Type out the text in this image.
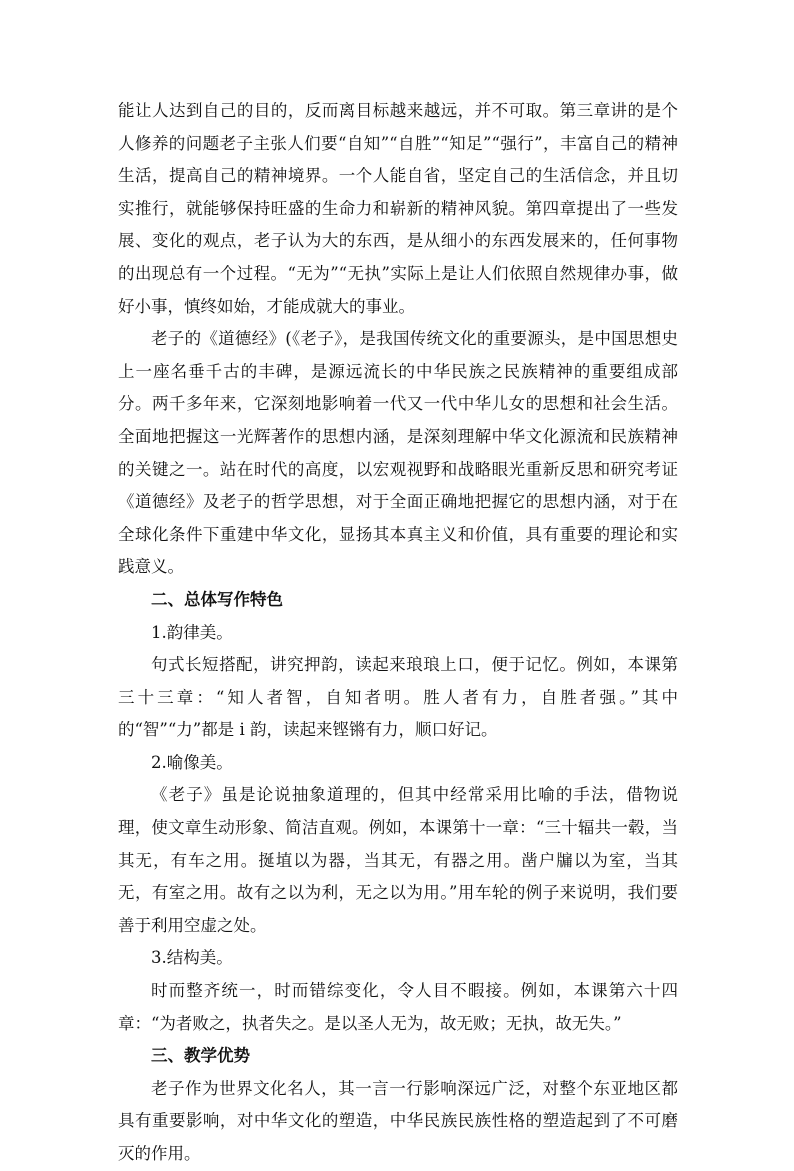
能让人达到自己的目的，反而离目标越来越远，并不可取。第三章讲的是个人修养的问题老子主张人们要“自知”“自胜”“知足”“强行”，丰富自己的精神生活，提高自己的精神境界。一个人能自省，坚定自己的生活信念，并且切实推行，就能够保持旺盛的生命力和崭新的精神风貌。第四章提出了一些发展、变化的观点，老子认为大的东西，是从细小的东西发展来的，任何事物的出现总有一个过程。“无为”“无执”实际上是让人们依照自然规律办事，做好小事，慎终如始，才能成就大的事业。

老子的《道德经》(《老子》，是我国传统文化的重要源头，是中国思想史上一座名垂千古的丰碑，是源远流长的中华民族之民族精神的重要组成部分。两千多年来，它深刻地影响着一代又一代中华儿女的思想和社会生活。全面地把握这一光辉著作的思想内涵，是深刻理解中华文化源流和民族精神的关键之一。站在时代的高度，以宏观视野和战略眼光重新反思和研究考证《道德经》及老子的哲学思想，对于全面正确地把握它的思想内涵，对于在全球化条件下重建中华文化，显扬其本真主义和价值，具有重要的理论和实践意义。

二、总体写作特色

1.韵律美。

句式长短搭配，讲究押韵，读起来琅琅上口，便于记忆。例如，本课第三十三章：“知人者智，自知者明。胜人者有力，自胜者强。”其中的“智”“力”都是 i 韵，读起来铿锵有力，顺口好记。

2.喻像美。

《老子》虽是论说抽象道理的，但其中经常采用比喻的手法，借物说理，使文章生动形象、简洁直观。例如，本课第十一章：“三十辐共一毂，当其无，有车之用。挻埴以为器，当其无，有器之用。凿户牖以为室，当其无，有室之用。故有之以为利，无之以为用。”用车轮的例子来说明，我们要善于利用空虚之处。

3.结构美。

时而整齐统一，时而错综变化，令人目不暇接。例如，本课第六十四章：“为者败之，执者失之。是以圣人无为，故无败；无执，故无失。”

三、教学优势

老子作为世界文化名人，其一言一行影响深远广泛，对整个东亚地区都具有重要影响，对中华文化的塑造，中华民族民族性格的塑造起到了不可磨灭的作用。
